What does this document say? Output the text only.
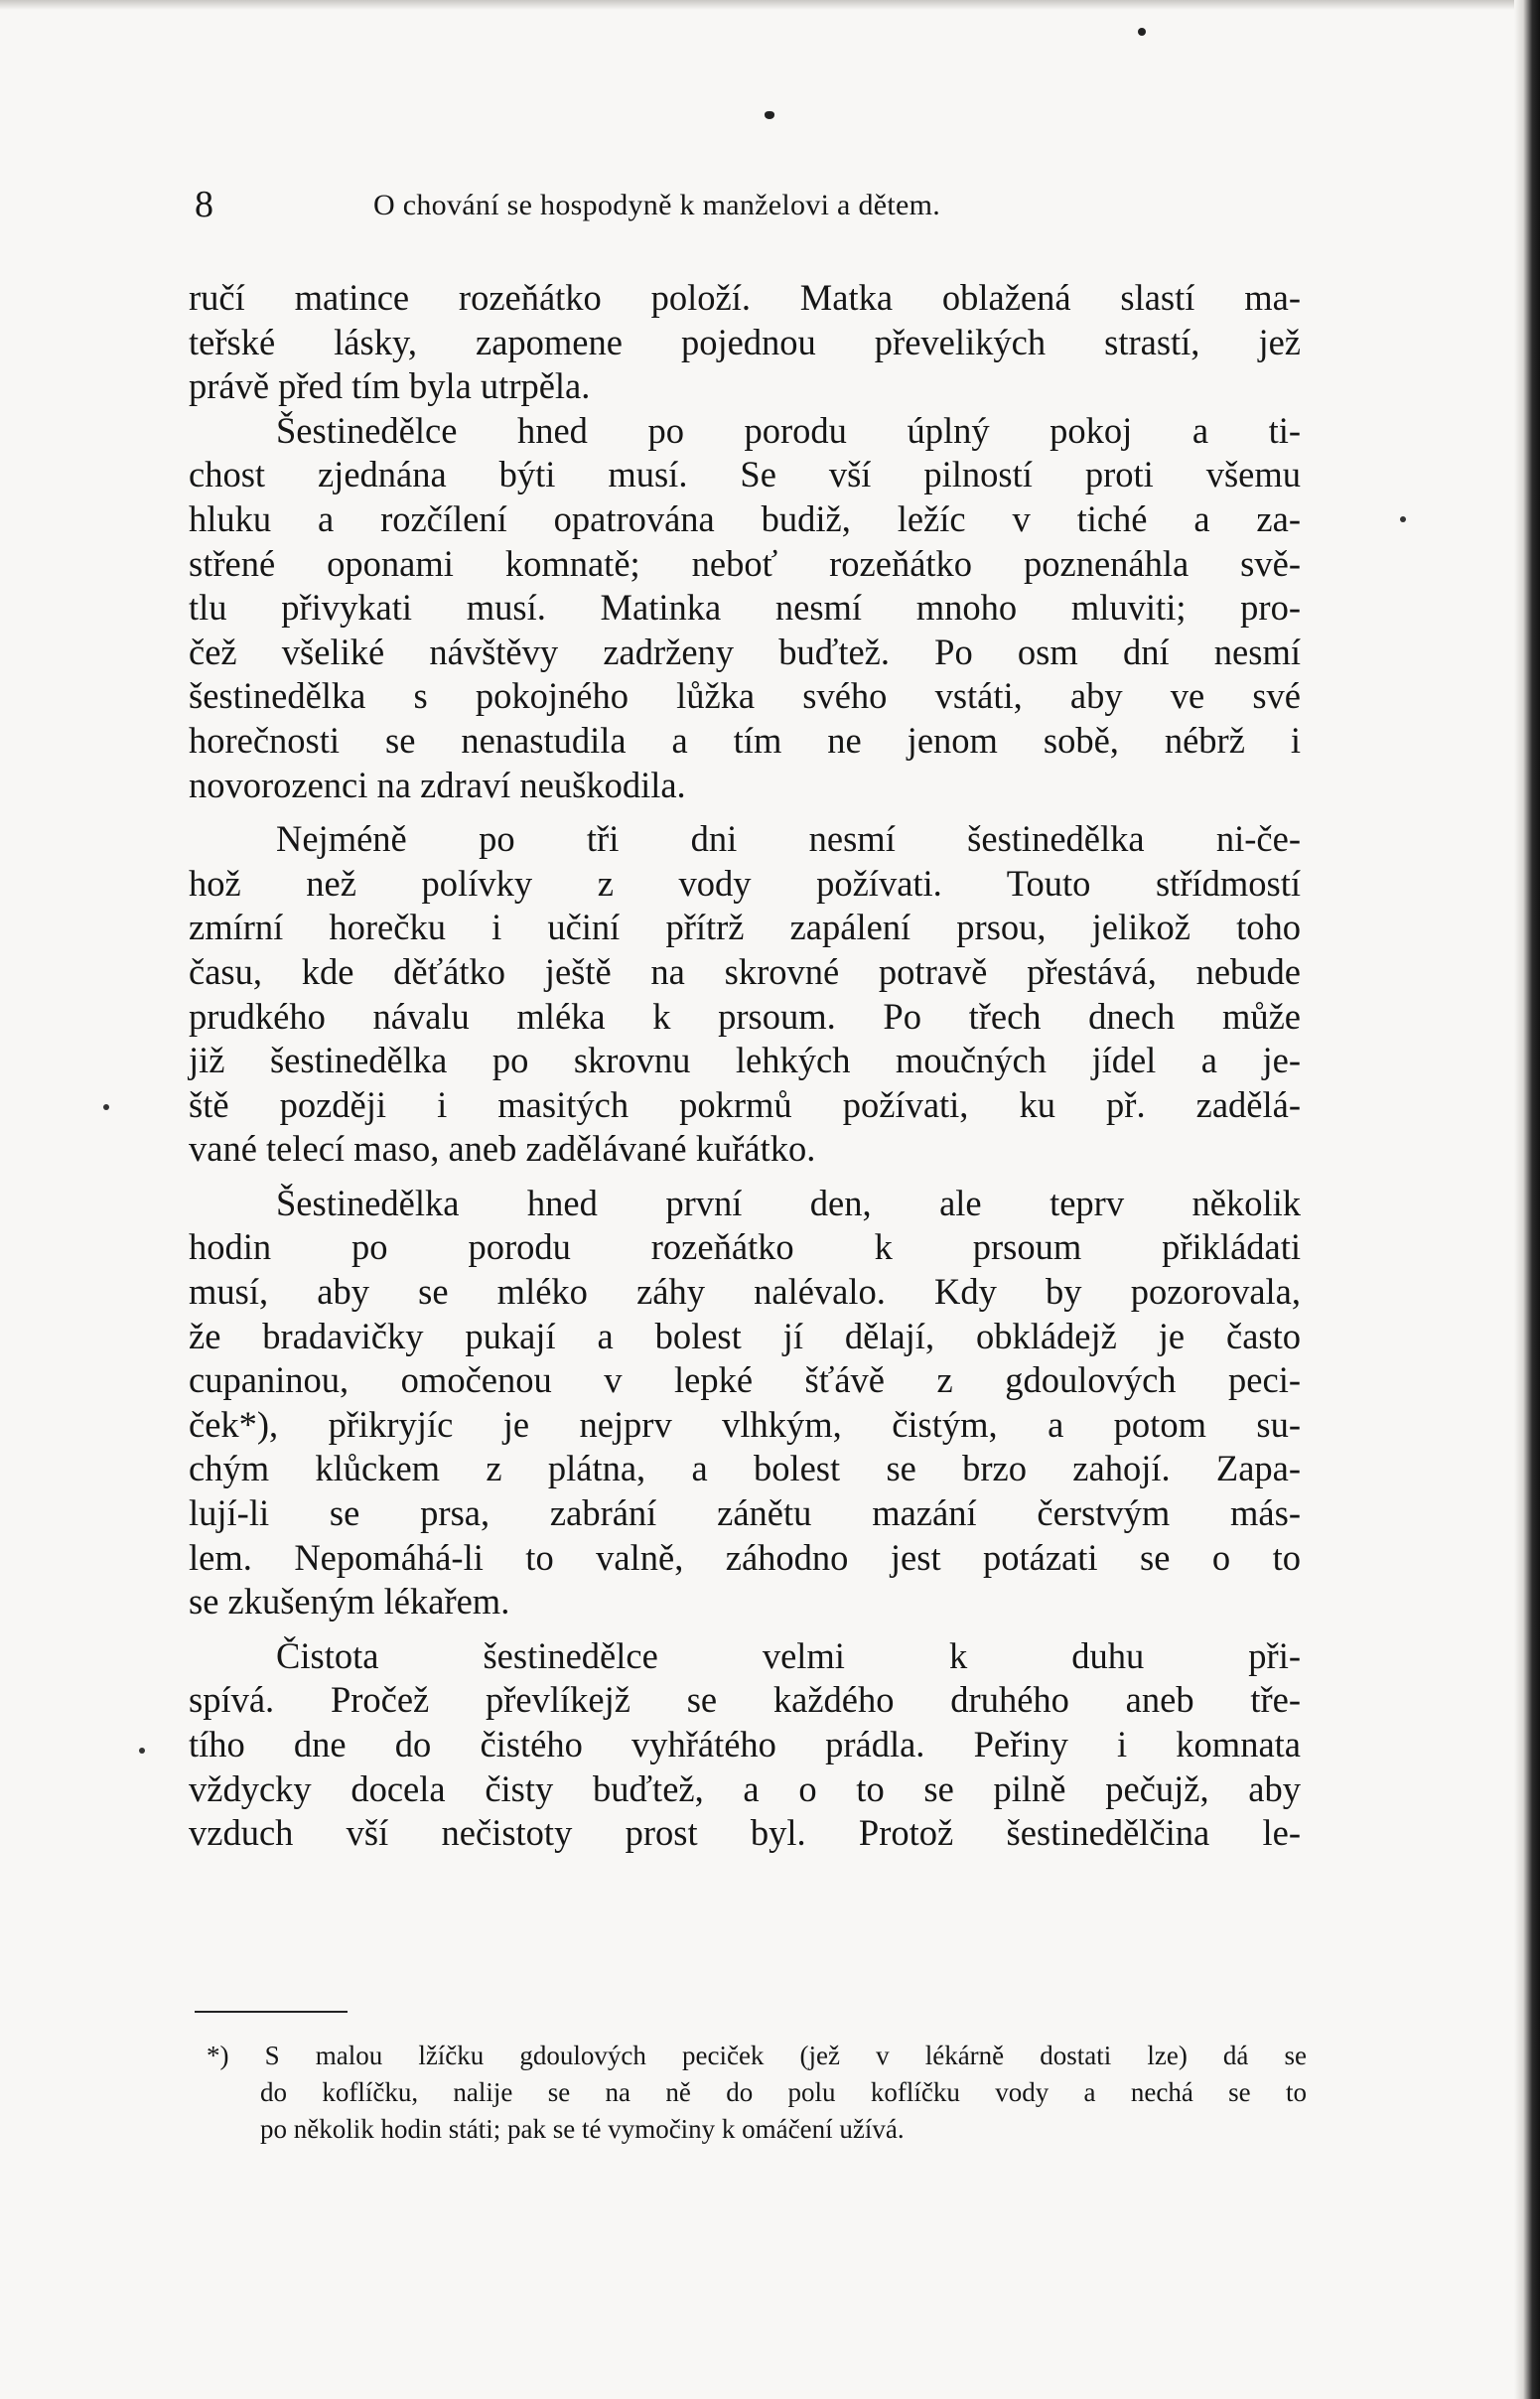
8	O chování se hospodyně k manželovi a dětem.
ručí matince rozeňátko položí. Matka oblažená slastí ma-
teřské lásky, zapomene pojednou převelikých strastí, jež
právě před tím byla utrpěla.
Šestinedělce hned po porodu úplný pokoj a ti-
chost zjednána býti musí. Se vší pilností proti všemu
hluku a rozčílení opatrována budiž, ležíc v tiché a za-
střené oponami komnatě; neboť rozeňátko poznenáhla svě-
tlu přivykati musí. Matinka nesmí mnoho mluviti; pro-
čež všeliké návštěvy zadrženy buďtež. Po osm dní nesmí
šestinedělka s pokojného lůžka svého vstáti, aby ve své
horečnosti se nenastudila a tím ne jenom sobě, nébrž i
novorozenci na zdraví neuškodila.
Nejméně po tři dni nesmí šestinedělka ni-če-
hož než polívky z vody požívati. Touto střídmostí
zmírní horečku i učiní přítrž zapálení prsou, jelikož toho
času, kde děťátko ještě na skrovné potravě přestává, nebude
prudkého návalu mléka k prsoum. Po třech dnech může
již šestinedělka po skrovnu lehkých moučných jídel a je-
ště později i masitých pokrmů požívati, ku př. zadělá-
vané telecí maso, aneb zadělávané kuřátko.
Šestinedělka hned první den, ale teprv několik
hodin po porodu rozeňátko k prsoum přikládati
musí, aby se mléko záhy nalévalo. Kdy by pozorovala,
že bradavičky pukají a bolest jí dělají, obkládejž je často
cupaninou, omočenou v lepké šťávě z gdoulových peci-
ček*), přikryjíc je nejprv vlhkým, čistým, a potom su-
chým klůckem z plátna, a bolest se brzo zahojí. Zapa-
lují-li se prsa, zabrání zánětu mazání čerstvým más-
lem. Nepomáhá-li to valně, záhodno jest potázati se o to
se zkušeným lékařem.
Čistota šestinedělce velmi k duhu při-
spívá. Pročež převlíkejž se každého druhého aneb tře-
tího dne do čistého vyhřátého prádla. Peřiny i komnata
vždycky docela čisty buďtež, a o to se pilně pečujž, aby
vzduch vší nečistoty prost byl. Protož šestinedělčina le-
*) S malou lžíčku gdoulových peciček (jež v lékárně dostati lze) dá se
do koflíčku, nalije se na ně do polu koflíčku vody a nechá se to
po několik hodin státi; pak se té vymočiny k omáčení užívá.
